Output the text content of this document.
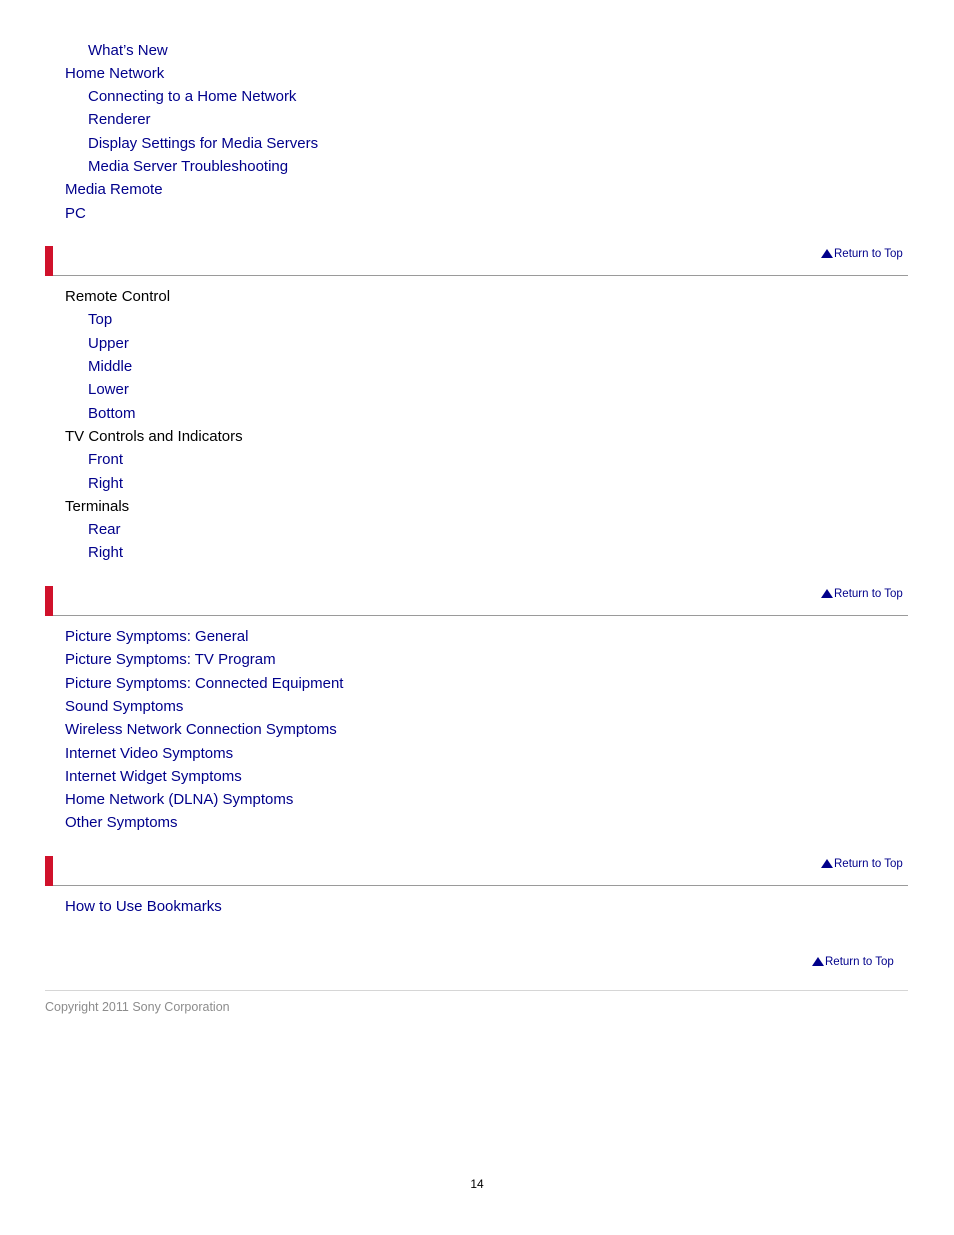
What’s New
Home Network
Connecting to a Home Network
Renderer
Display Settings for Media Servers
Media Server Troubleshooting
Media Remote
PC
Return to Top
Remote Control
Top
Upper
Middle
Lower
Bottom
TV Controls and Indicators
Front
Right
Terminals
Rear
Right
Return to Top
Picture Symptoms: General
Picture Symptoms: TV Program
Picture Symptoms: Connected Equipment
Sound Symptoms
Wireless Network Connection Symptoms
Internet Video Symptoms
Internet Widget Symptoms
Home Network (DLNA) Symptoms
Other Symptoms
Return to Top
How to Use Bookmarks
Return to Top
Copyright 2011 Sony Corporation
14
